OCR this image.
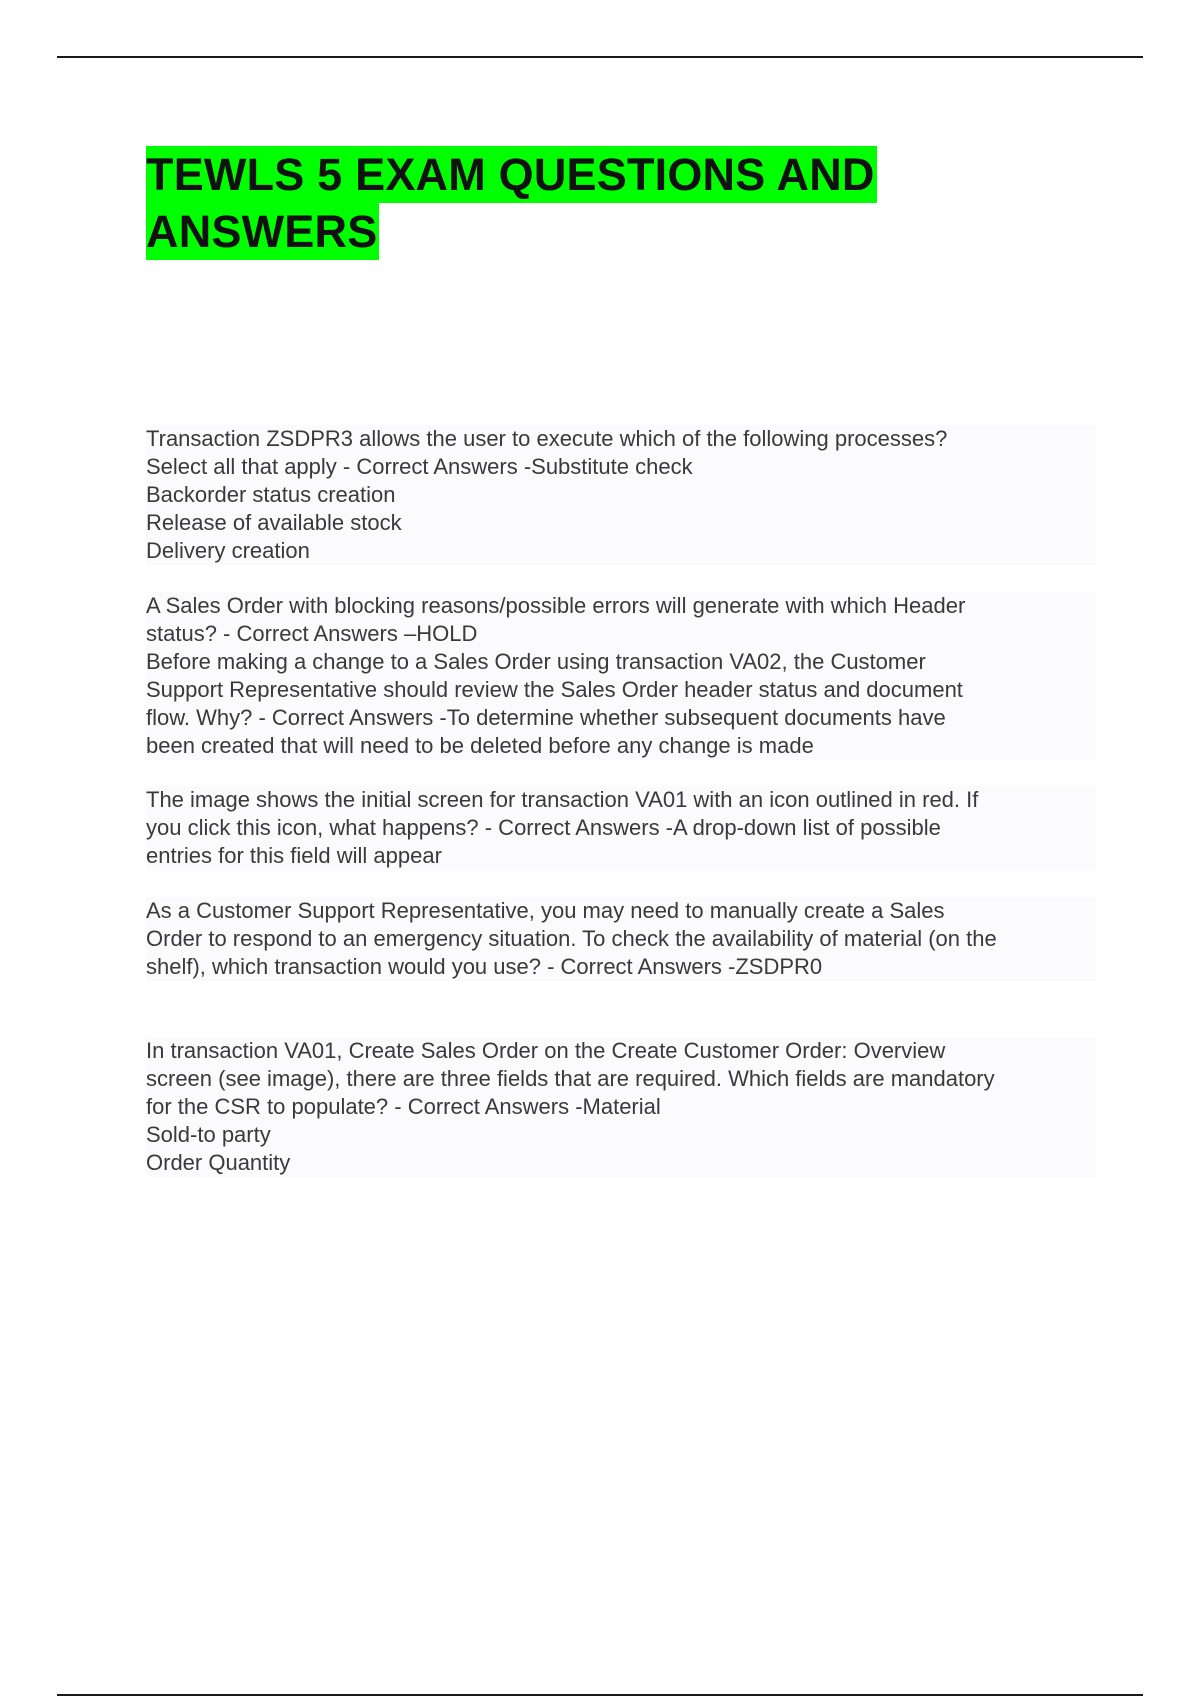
TEWLS 5 EXAM QUESTIONS AND
ANSWERS
Transaction ZSDPR3 allows the user to execute which of the following processes?
Select all that apply - Correct Answers -Substitute check
Backorder status creation
Release of available stock
Delivery creation
A Sales Order with blocking reasons/possible errors will generate with which Header
status? - Correct Answers –HOLD
Before making a change to a Sales Order using transaction VA02, the Customer
Support Representative should review the Sales Order header status and document
flow. Why? - Correct Answers -To determine whether subsequent documents have
been created that will need to be deleted before any change is made
The image shows the initial screen for transaction VA01 with an icon outlined in red. If
you click this icon, what happens? - Correct Answers -A drop-down list of possible
entries for this field will appear
As a Customer Support Representative, you may need to manually create a Sales
Order to respond to an emergency situation. To check the availability of material (on the
shelf), which transaction would you use? - Correct Answers -ZSDPR0
In transaction VA01, Create Sales Order on the Create Customer Order: Overview
screen (see image), there are three fields that are required. Which fields are mandatory
for the CSR to populate? - Correct Answers -Material
Sold-to party
Order Quantity
